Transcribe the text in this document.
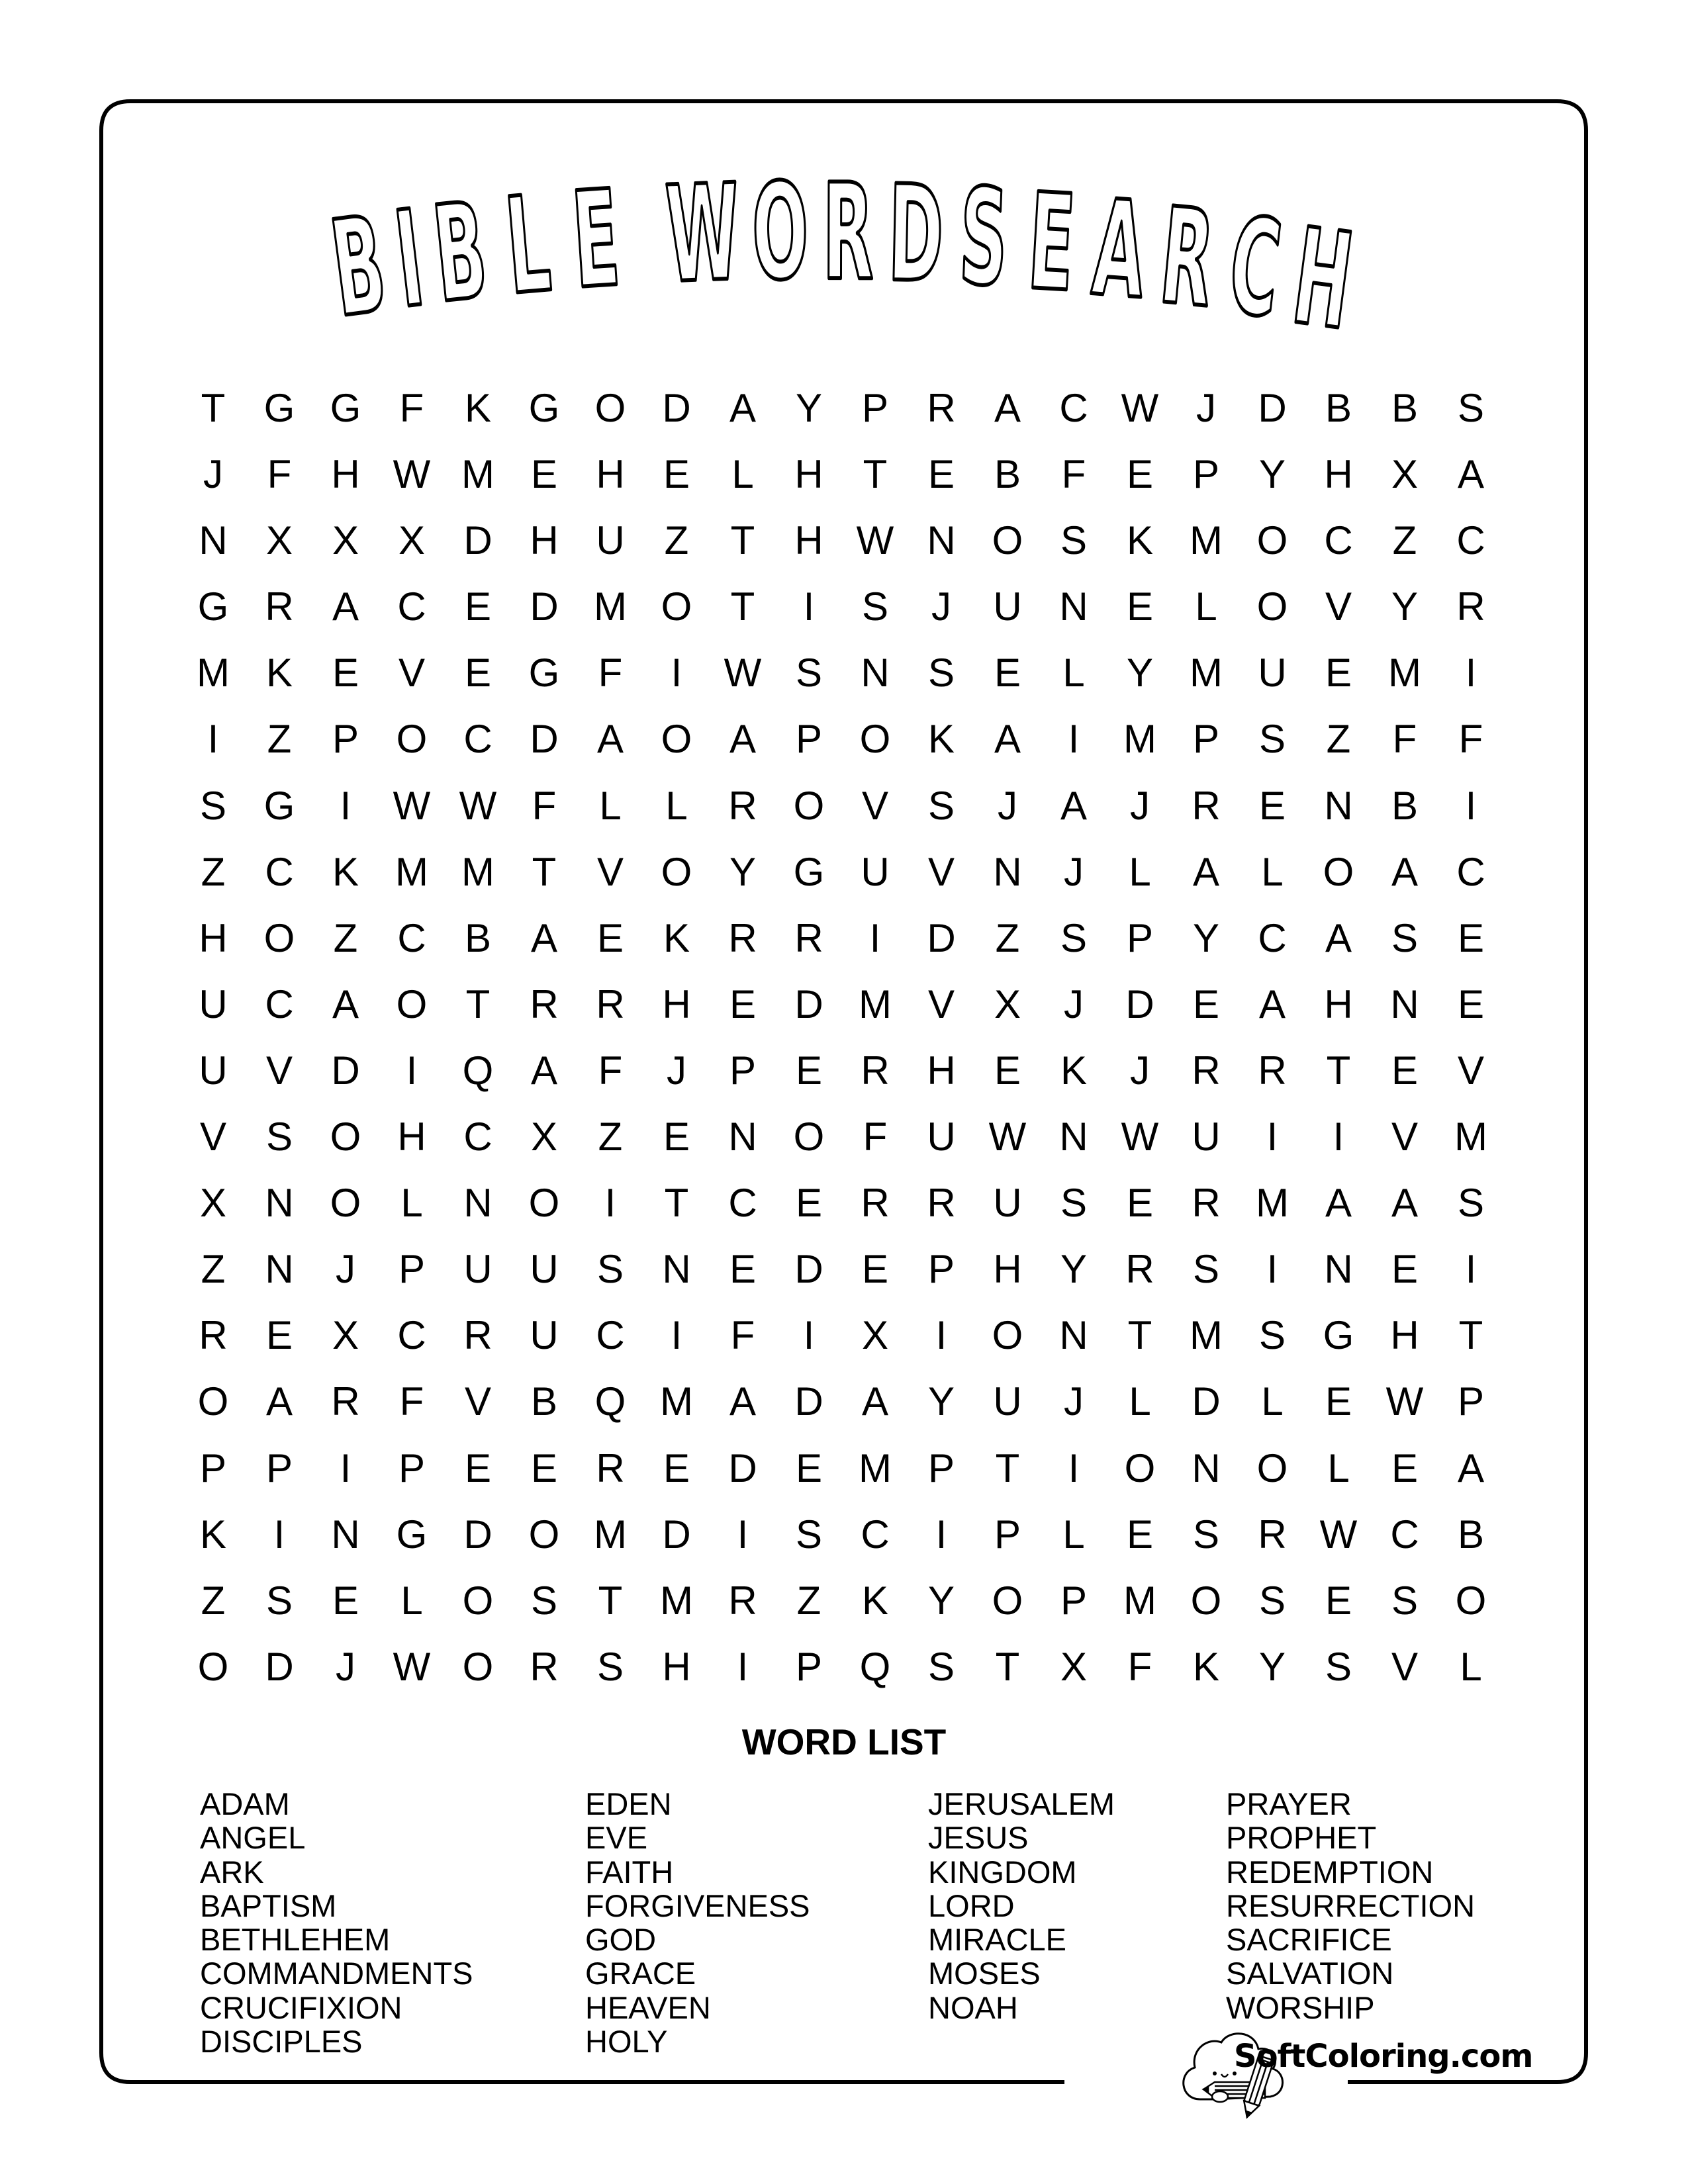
B
I
B L E W O R D S E A R C
H
T G G F	K G O D A Y P R A C W J	D B B S
J	F	H W M E H E	L	H	T	E B	F	E P Y H X A
N X X X D H U	Z	T	H W N O S K M O C	Z	C
G R A C E D M O T	I	S	J	U N E	L O V Y R
M K E V E G F	I	W S N S E	L	Y M U E M	I
I	Z	P O C D A O A P O K A	I	M P S	Z	F	F
S G	I	W W F	L	L	R O V S	J	A	J	R E N B	I
Z	C K M M T	V O Y G U V N	J	L	A	L O A C
H O Z	C B A E K R R	I	D	Z	S P Y C A S E
U C A O T	R R H E D M V X	J	D E A H N E
U V D	I	Q A	F	J	P E R H E K	J	R R	T	E V
V S O H C X	Z	E N O F	U W N W U	I	I	V M
X N O L	N O	I	T	C E R R U S E R M A A S
Z	N	J	P U U S N E D E P H Y R S	I	N E	I
R E X C R U C	I	F	I	X	I	O N	T M S G H	T
O A R	F	V B Q M A D A Y U	J	L	D	L	E W P
P P	I	P E E R E D E M P	T	I	O N O L	E A
K	I	N G D O M D	I	S C	I	P	L	E S R W C B
Z	S E	L O S	T M R	Z	K Y O P M O S E S O
O D	J W O R S H	I	P Q S	T	X	F	K Y S V	L
WORD LIST
ADAM
ANGEL
ARK
BAPTISM
BETHLEHEM
COMMANDMENTS
CRUCIFIXION
DISCIPLES
EDEN
EVE
FAITH
FORGIVENESS
GOD
GRACE
HEAVEN
HOLY
JERUSALEM
JESUS
KINGDOM
LORD
MIRACLE
MOSES
NOAH
PRAYER
PROPHET
REDEMPTION
RESURRECTION
SACRIFICE
SALVATION
WORSHIP
SoftColoring.com
